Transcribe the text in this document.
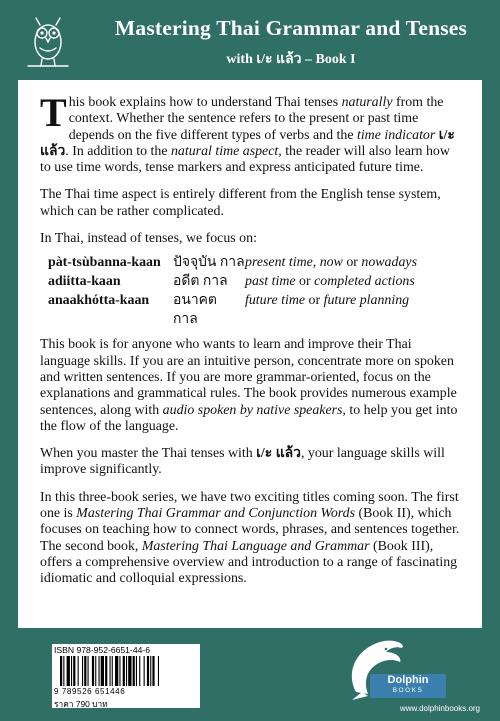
Mastering Thai Grammar and Tenses
with เ/ะ แล้ว – Book I

This book explains how to understand Thai tenses naturally from the context. Whether the sentence refers to the present or past time depends on the five different types of verbs and the time indicator เ/ะ แล้ว. In addition to the natural time aspect, the reader will also learn how to use time words, tense markers and express anticipated future time.

The Thai time aspect is entirely different from the English tense system, which can be rather complicated.

In Thai, instead of tenses, we focus on:

pàt-tsùbanna-kaan	ปัจจุบัน กาล	present time, now or nowadays
adiitta-kaan	อดีต กาล	past time or completed actions
anaakhótta-kaan	อนาคต กาล	future time or future planning

This book is for anyone who wants to learn and improve their Thai language skills. If you are an intuitive person, concentrate more on spoken and written sentences. If you are more grammar-oriented, focus on the explanations and grammatical rules. The book provides numerous example sentences, along with audio spoken by native speakers, to help you get into the flow of the language.

When you master the Thai tenses with เ/ะ แล้ว, your language skills will improve significantly.

In this three-book series, we have two exciting titles coming soon. The first one is Mastering Thai Grammar and Conjunction Words (Book II), which focuses on teaching how to connect words, phrases, and sentences together. The second book, Mastering Thai Language and Grammar (Book III), offers a comprehensive overview and introduction to a range of fascinating idiomatic and colloquial expressions.

ISBN 978-952-6651-44-6
9 789526 651446
ราคา 790 บาท
Dolphin
BOOKS
www.dolphinbooks.org
